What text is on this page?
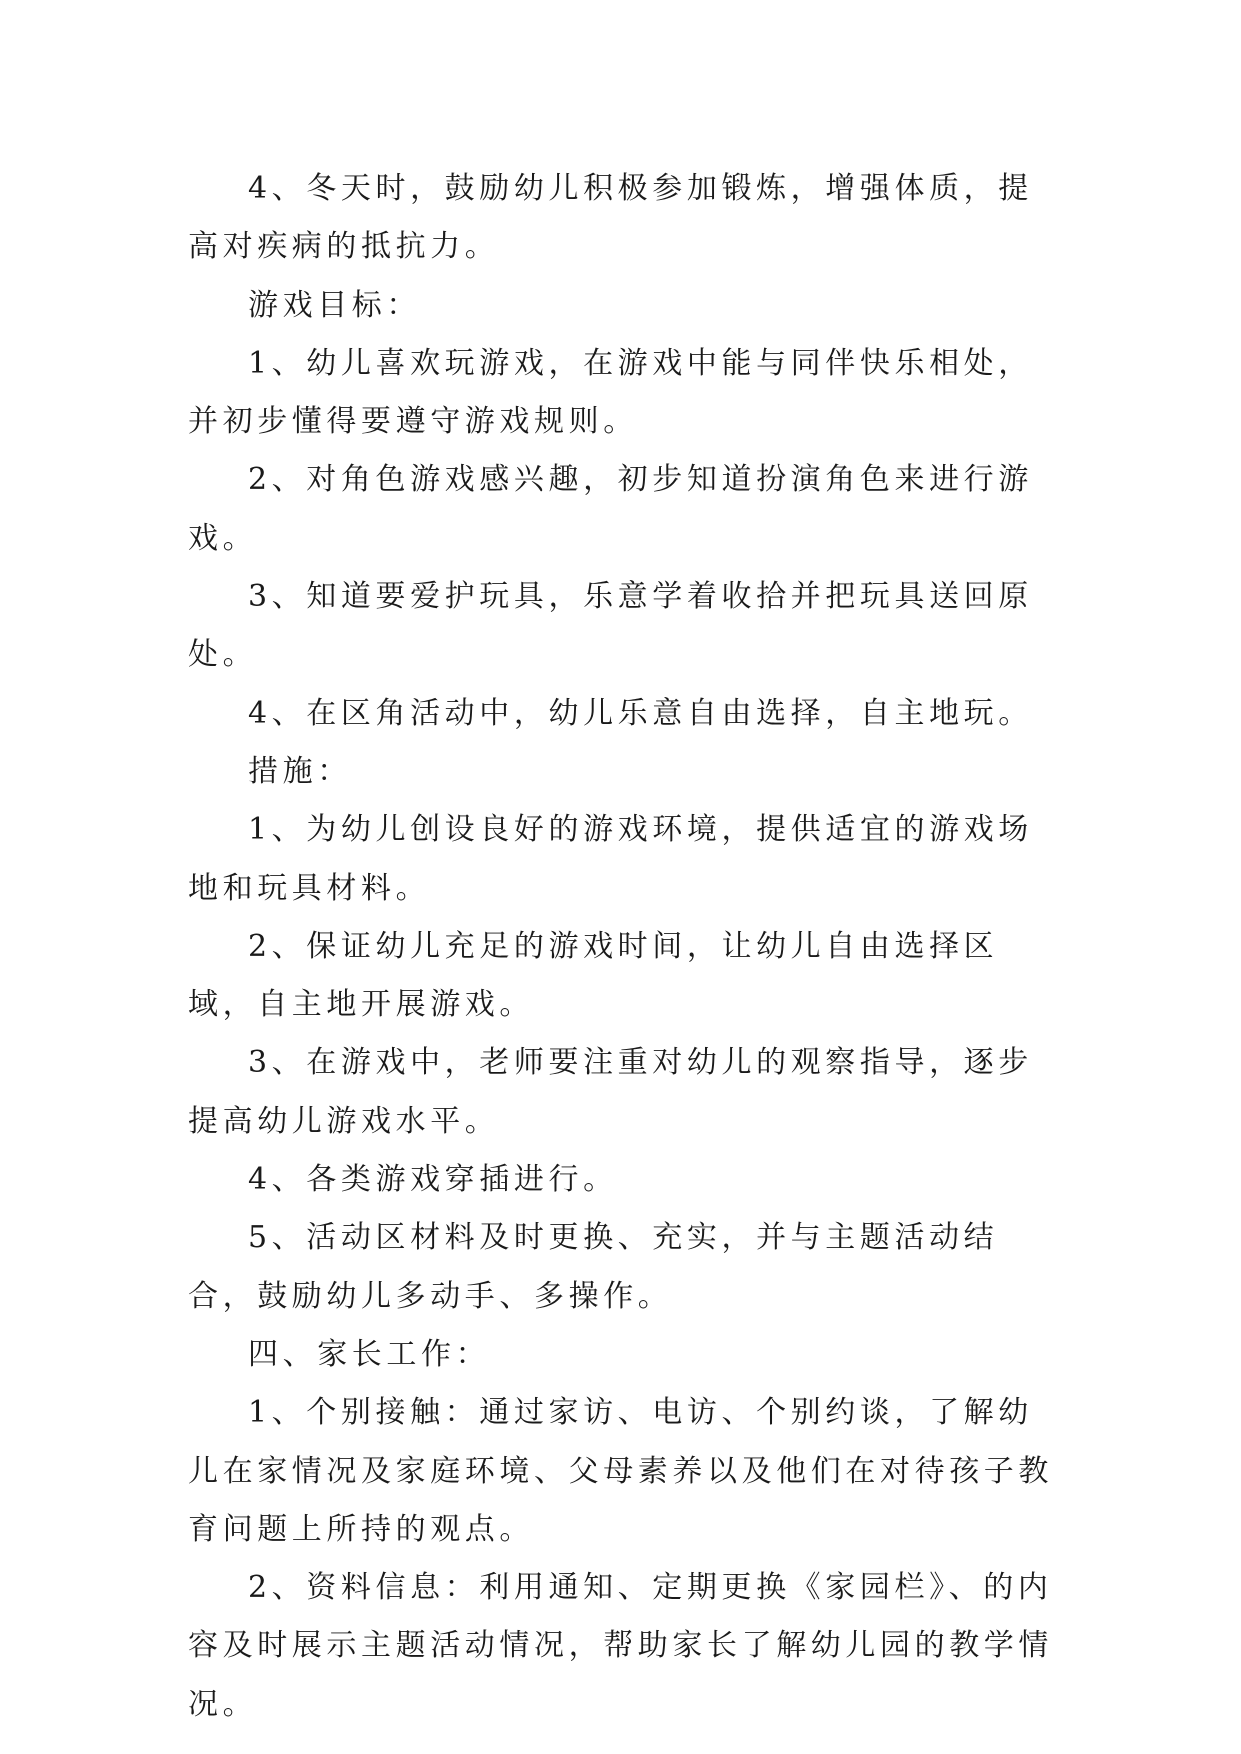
4、冬天时，鼓励幼儿积极参加锻炼，增强体质，提高对疾病的抵抗力。

游戏目标：

1、幼儿喜欢玩游戏，在游戏中能与同伴快乐相处，并初步懂得要遵守游戏规则。

2、对角色游戏感兴趣，初步知道扮演角色来进行游戏。

3、知道要爱护玩具，乐意学着收拾并把玩具送回原处。

4、在区角活动中，幼儿乐意自由选择，自主地玩。

措施：

1、为幼儿创设良好的游戏环境，提供适宜的游戏场地和玩具材料。

2、保证幼儿充足的游戏时间，让幼儿自由选择区域，自主地开展游戏。

3、在游戏中，老师要注重对幼儿的观察指导，逐步提高幼儿游戏水平。

4、各类游戏穿插进行。

5、活动区材料及时更换、充实，并与主题活动结合，鼓励幼儿多动手、多操作。

四、家长工作：

1、个别接触：通过家访、电访、个别约谈，了解幼儿在家情况及家庭环境、父母素养以及他们在对待孩子教育问题上所持的观点。

2、资料信息：利用通知、定期更换《家园栏》、的内容及时展示主题活动情况，帮助家长了解幼儿园的教学情况。
